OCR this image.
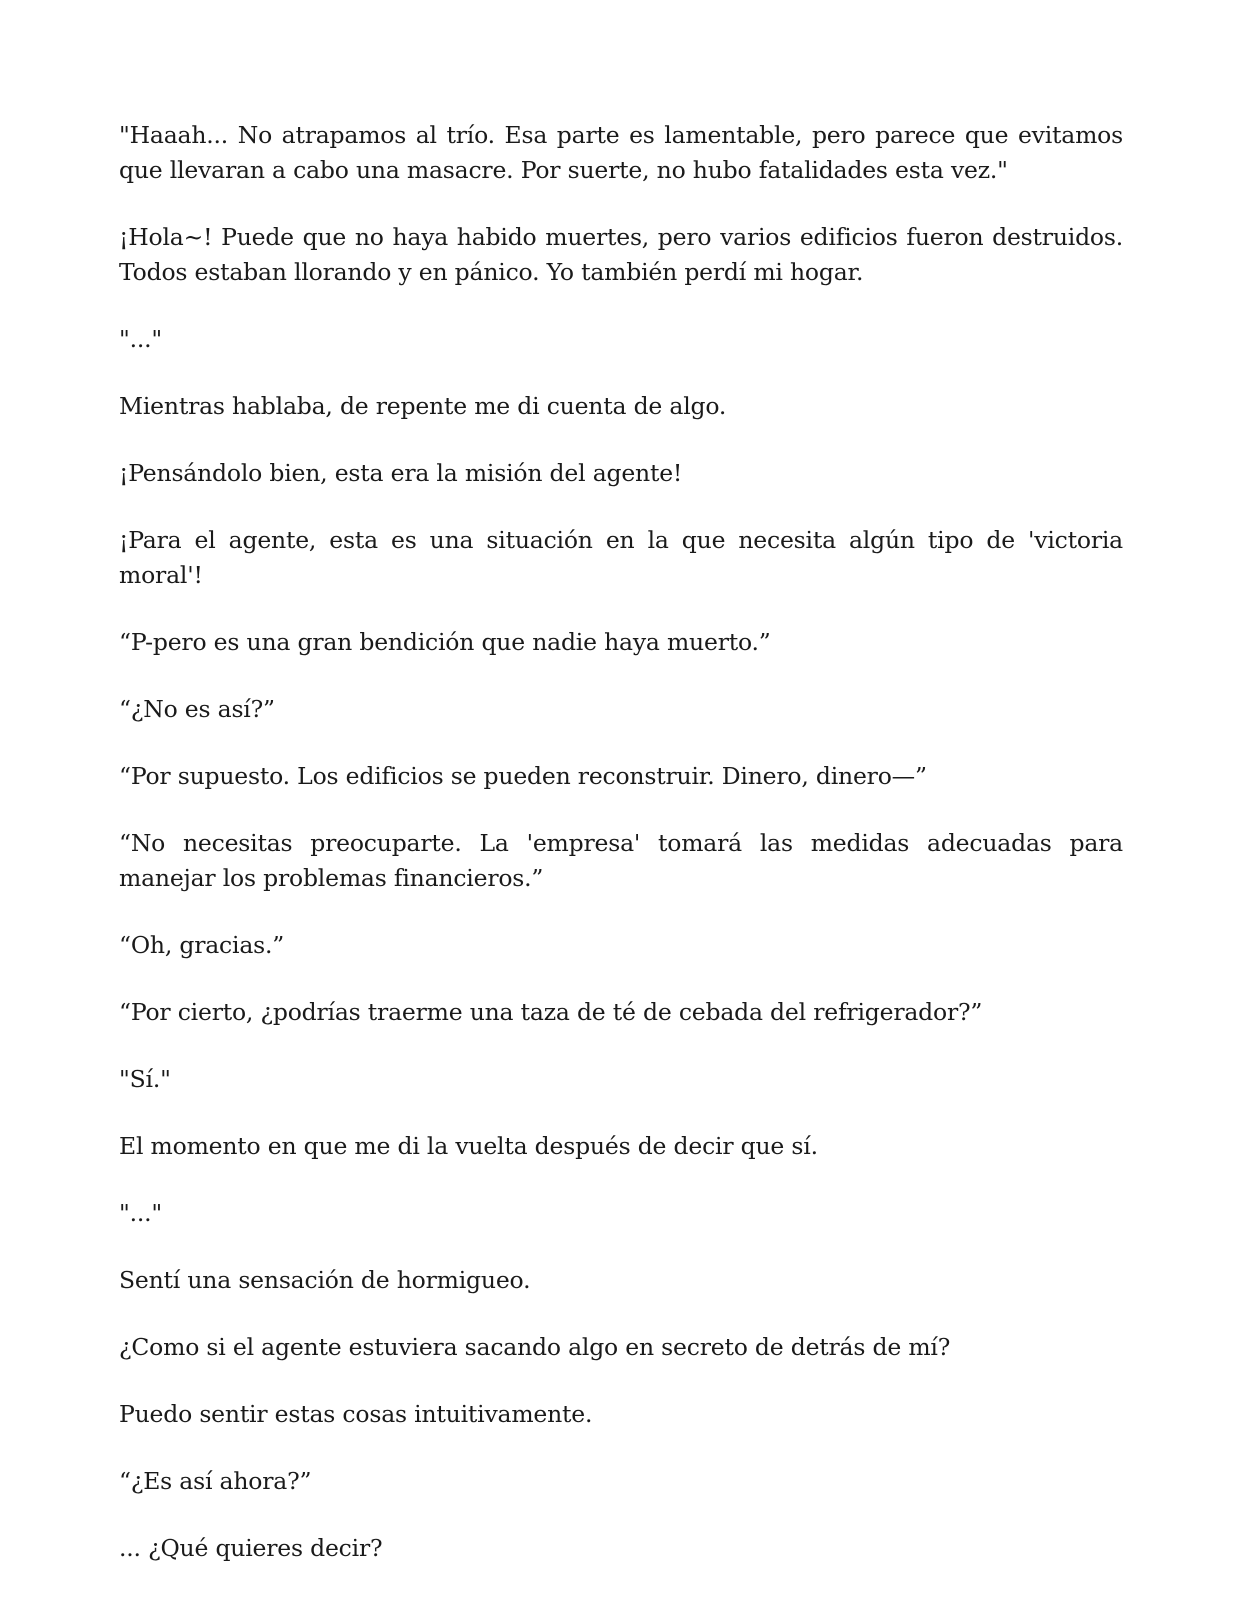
"Haaah... No atrapamos al trío. Esa parte es lamentable, pero parece que evitamos que llevaran a cabo una masacre. Por suerte, no hubo fatalidades esta vez."

¡Hola~! Puede que no haya habido muertes, pero varios edificios fueron destruidos. Todos estaban llorando y en pánico. Yo también perdí mi hogar.

"..."

Mientras hablaba, de repente me di cuenta de algo.

¡Pensándolo bien, esta era la misión del agente!

¡Para el agente, esta es una situación en la que necesita algún tipo de 'victoria moral'!

“P-pero es una gran bendición que nadie haya muerto.”

“¿No es así?”

“Por supuesto. Los edificios se pueden reconstruir. Dinero, dinero—”

“No necesitas preocuparte. La 'empresa' tomará las medidas adecuadas para manejar los problemas financieros.”

“Oh, gracias.”

“Por cierto, ¿podrías traerme una taza de té de cebada del refrigerador?”

"Sí."

El momento en que me di la vuelta después de decir que sí.

"..."

Sentí una sensación de hormigueo.

¿Como si el agente estuviera sacando algo en secreto de detrás de mí?

Puedo sentir estas cosas intuitivamente.

“¿Es así ahora?”

... ¿Qué quieres decir?
